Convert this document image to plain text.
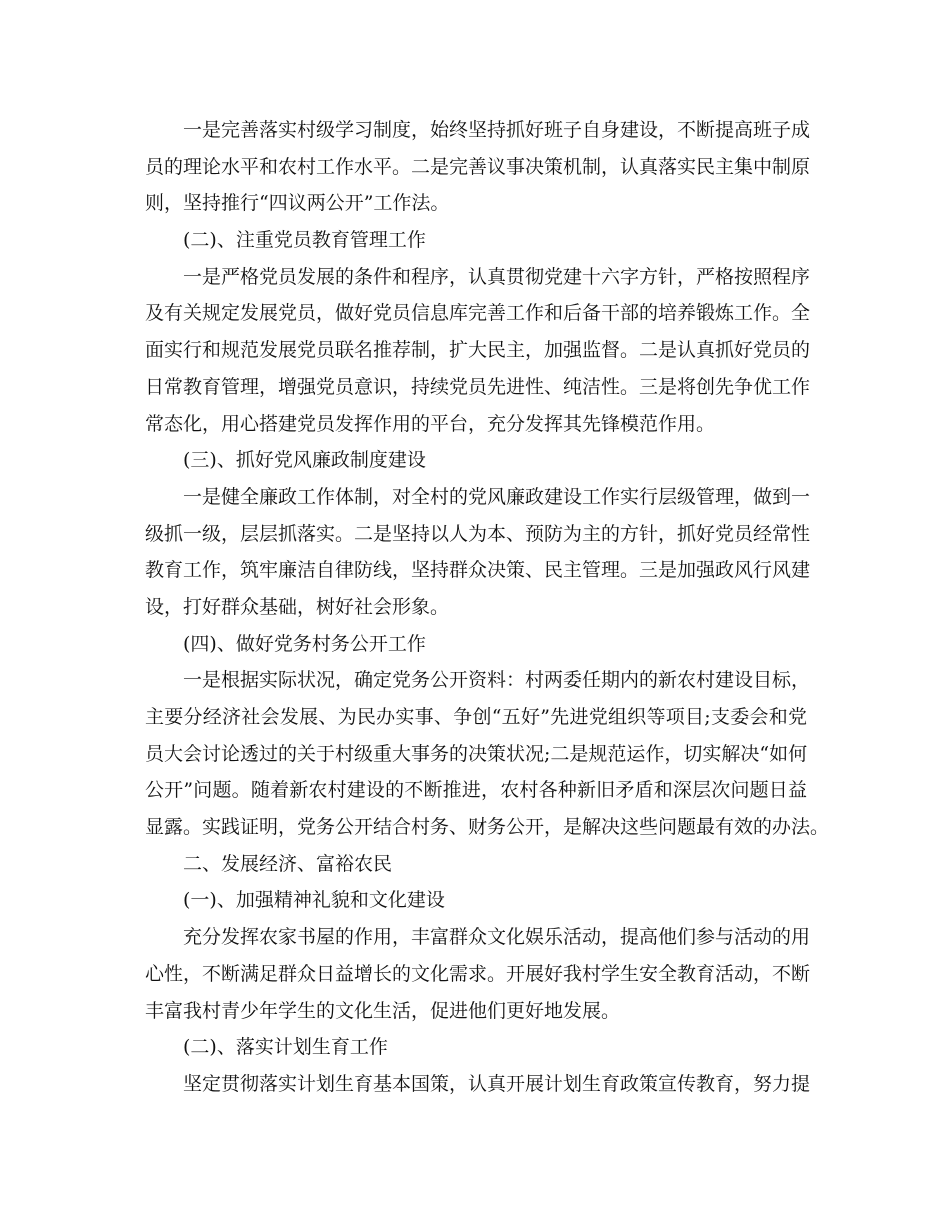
一是完善落实村级学习制度，始终坚持抓好班子自身建设，不断提高班子成
员的理论水平和农村工作水平。二是完善议事决策机制，认真落实民主集中制原
则，坚持推行“四议两公开”工作法。
(二)、注重党员教育管理工作
一是严格党员发展的条件和程序，认真贯彻党建十六字方针，严格按照程序
及有关规定发展党员，做好党员信息库完善工作和后备干部的培养锻炼工作。全
面实行和规范发展党员联名推荐制，扩大民主，加强监督。二是认真抓好党员的
日常教育管理，增强党员意识，持续党员先进性、纯洁性。三是将创先争优工作
常态化，用心搭建党员发挥作用的平台，充分发挥其先锋模范作用。
(三)、抓好党风廉政制度建设
一是健全廉政工作体制，对全村的党风廉政建设工作实行层级管理，做到一
级抓一级，层层抓落实。二是坚持以人为本、预防为主的方针，抓好党员经常性
教育工作，筑牢廉洁自律防线，坚持群众决策、民主管理。三是加强政风行风建
设，打好群众基础，树好社会形象。
(四)、做好党务村务公开工作
一是根据实际状况，确定党务公开资料：村两委任期内的新农村建设目标，
主要分经济社会发展、为民办实事、争创“五好”先进党组织等项目;支委会和党
员大会讨论透过的关于村级重大事务的决策状况;二是规范运作，切实解决“如何
公开”问题。随着新农村建设的不断推进，农村各种新旧矛盾和深层次问题日益
显露。实践证明，党务公开结合村务、财务公开，是解决这些问题最有效的办法。
二、发展经济、富裕农民
(一)、加强精神礼貌和文化建设
充分发挥农家书屋的作用，丰富群众文化娱乐活动，提高他们参与活动的用
心性，不断满足群众日益增长的文化需求。开展好我村学生安全教育活动，不断
丰富我村青少年学生的文化生活，促进他们更好地发展。
(二)、落实计划生育工作
坚定贯彻落实计划生育基本国策，认真开展计划生育政策宣传教育，努力提
